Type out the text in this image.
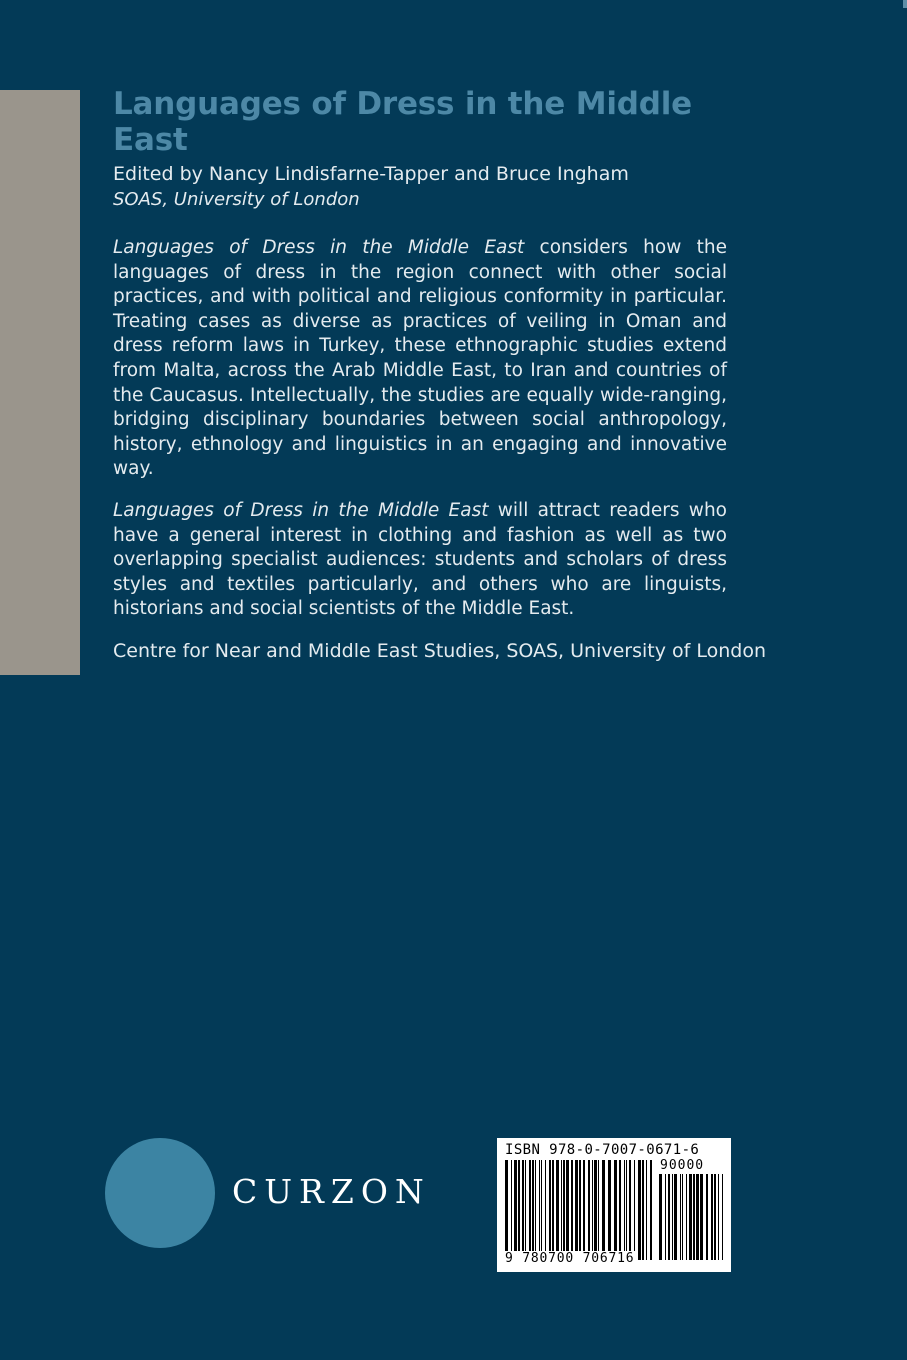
Languages of Dress in the Middle East

Edited by Nancy Lindisfarne-Tapper and Bruce Ingham

SOAS, University of London

Languages of Dress in the Middle East considers how the languages of dress in the region connect with other social practices, and with political and religious conformity in particular. Treating cases as diverse as practices of veiling in Oman and dress reform laws in Turkey, these ethnographic studies extend from Malta, across the Arab Middle East, to Iran and countries of the Caucasus. Intellectually, the studies are equally wide-ranging, bridging disciplinary boundaries between social anthropology, history, ethnology and linguistics in an engaging and innovative way.

Languages of Dress in the Middle East will attract readers who have a general interest in clothing and fashion as well as two overlapping specialist audiences: students and scholars of dress styles and textiles particularly, and others who are linguists, historians and social scientists of the Middle East.

Centre for Near and Middle East Studies, SOAS, University of London

CURZON
ISBN 978-0-7007-0671-6
90000
9 780700 706716
